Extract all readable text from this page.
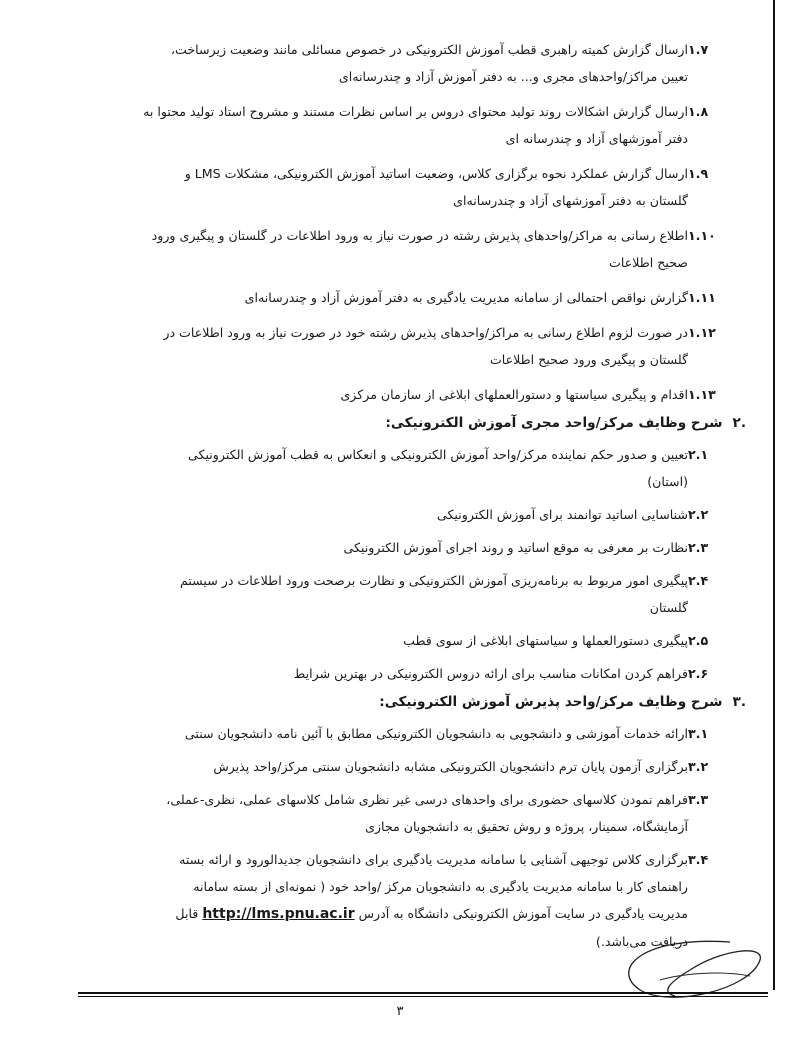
۱.۷
ارسال گزارش کمیته راهبری قطب آموزش الکترونیکی در خصوص مسائلی مانند وضعیت زیرساخت،
تعیین مراکز/واحدهای مجری و... به دفتر آموزش آزاد و چندرسانه‌ای
۱.۸
ارسال گزارش اشکالات روند تولید محتوای دروس بر اساس نظرات مستند و مشروح استاد تولید محتوا به
دفتر آموزشهای آزاد و چندرسانه ای
۱.۹
ارسال گزارش عملکرد نحوه برگزاری کلاس، وضعیت اساتید آموزش الکترونیکی، مشکلات LMS و
گلستان به دفتر آموزشهای آزاد و چندرسانه‌ای
۱.۱۰
اطلاع رسانی به مراکز/واحدهای پذیرش رشته در صورت نیاز به ورود اطلاعات در گلستان و پیگیری ورود
صحیح اطلاعات
۱.۱۱
گزارش نواقص احتمالی از سامانه مدیریت یادگیری به دفتر آموزش آزاد و چندرسانه‌ای
۱.۱۲
در صورت لزوم اطلاع رسانی به مراکز/واحدهای پذیرش رشته خود در صورت نیاز به ورود اطلاعات در
گلستان و پیگیری ورود صحیح اطلاعات
۱.۱۳
اقدام و پیگیری سیاستها و دستورالعملهای ابلاغی از سازمان مرکزی
۲.
شرح وظایف مرکز/واحد مجری آموزش الکترونیکی:
۲.۱
تعیین و صدور حکم نماینده مرکز/واحد آموزش الکترونیکی و انعکاس به قطب آموزش الکترونیکی
(استان)
۲.۲
شناسایی اساتید توانمند برای آموزش الکترونیکی
۲.۳
نظارت بر معرفی به موقع اساتید و روند اجرای آموزش الکترونیکی
۲.۴
پیگیری امور مربوط به برنامه‌ریزی آموزش الکترونیکی و نظارت برصحت ورود اطلاعات در سیستم
گلستان
۲.۵
پیگیری دستورالعملها و سیاستهای ابلاغی از سوی قطب
۲.۶
فراهم کردن امکانات مناسب برای ارائه دروس الکترونیکی در بهترین شرایط
۳.
شرح وظایف مرکز/واحد پذیرش آموزش الکترونیکی:
۳.۱
ارائه خدمات آموزشی و دانشجویی به دانشجویان الکترونیکی مطابق با آئین نامه دانشجویان سنتی
۳.۲
برگزاری آزمون پایان ترم دانشجویان الکترونیکی مشابه دانشجویان سنتی مرکز/واحد پذیرش
۳.۳
فراهم نمودن کلاسهای حضوری برای واحدهای درسی غیر نظری شامل کلاسهای عملی، نظری-عملی،
آزمایشگاه، سمینار، پروژه و روش تحقیق به دانشجویان مجازی
۳.۴
برگزاری کلاس توجیهی آشنایی با سامانه مدیریت یادگیری برای دانشجویان جدیدالورود و ارائه بسته
راهنمای کار با سامانه مدیریت یادگیری به دانشجویان مرکز /واحد خود ( نمونه‌ای از بسته سامانه
مدیریت یادگیری در سایت آموزش الکترونیکی دانشگاه به آدرس http://lms.pnu.ac.ir قابل
دریافت می‌باشد.)
۳
